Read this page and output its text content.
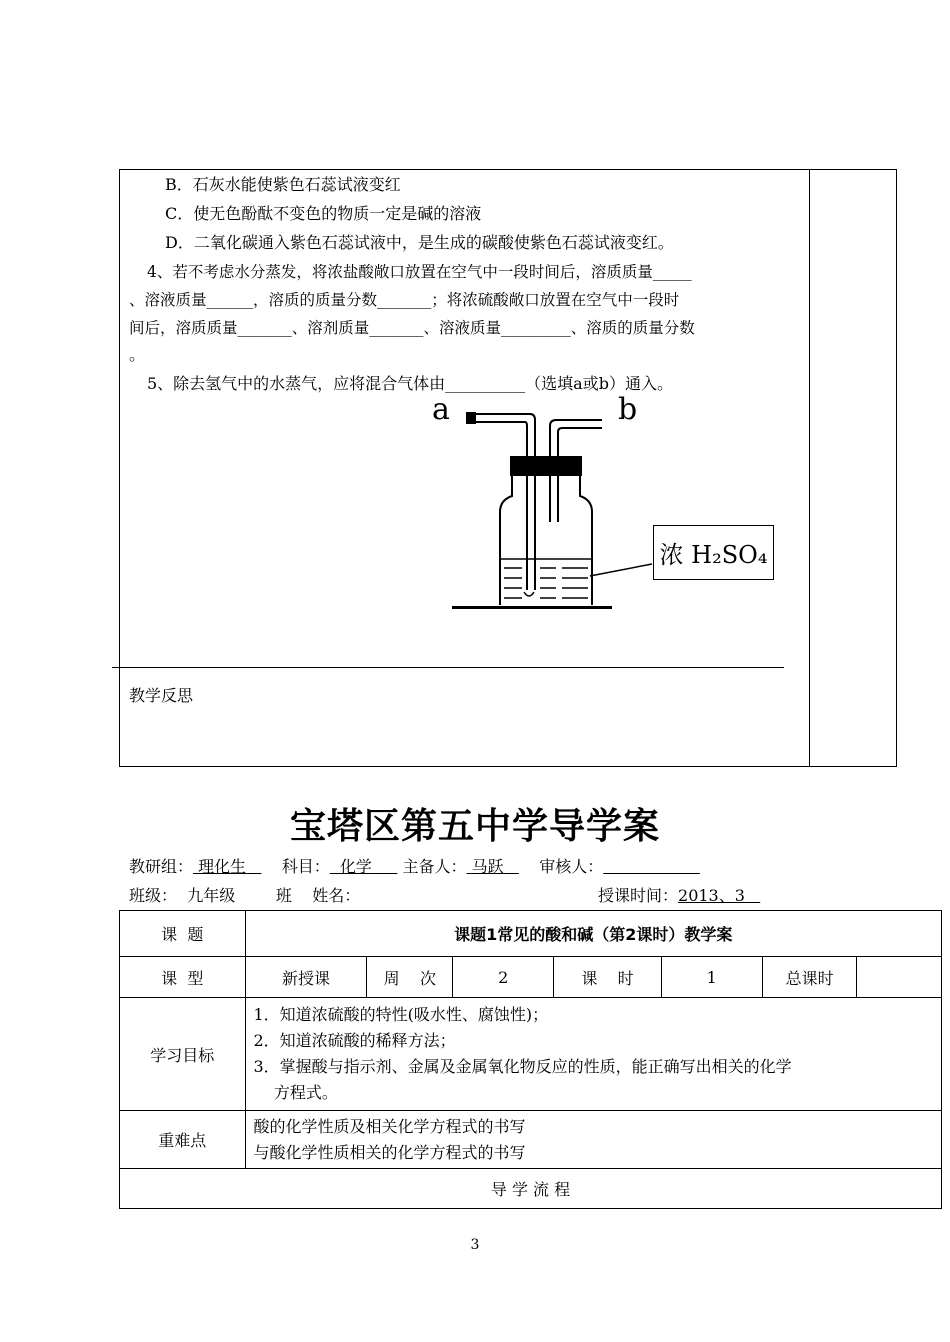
B．石灰水能使紫色石蕊试液变红
C．使无色酚酞不变色的物质一定是碱的溶液
D．二氧化碳通入紫色石蕊试液中，是生成的碳酸使紫色石蕊试液变红。
4、若不考虑水分蒸发，将浓盐酸敞口放置在空气中一段时间后，溶质质量_____
、溶液质量______，溶质的质量分数_______；将浓硫酸敞口放置在空气中一段时
间后，溶质质量_______、溶剂质量_______、溶液质量_________、溶质的质量分数
。
5、除去氢气中的水蒸气，应将混合气体由__________（选填a或b）通入。
a	b
浓 H₂SO₄
教学反思
宝塔区第五中学导学案
教研组： 理化生 科目： 化学 主备人： 马跃 审核人：
班级： 九年级	班 姓名：	授课时间：2013、3
课  题	课题1常见的酸和碱（第2课时）教学案						
课  型	新授课	周    次	2	课    时	1	总课时	
学习目标	1．知道浓硫酸的特性(吸水性、腐蚀性)；
2．知道浓硫酸的稀释方法；
3．掌握酸与指示剂、金属及金属氧化物反应的性质，能正确写出相关的化学
方程式。						

重难点	酸的化学性质及相关化学方程式的书写
与酸化学性质相关的化学方程式的书写						

导 学 流 程							
3
